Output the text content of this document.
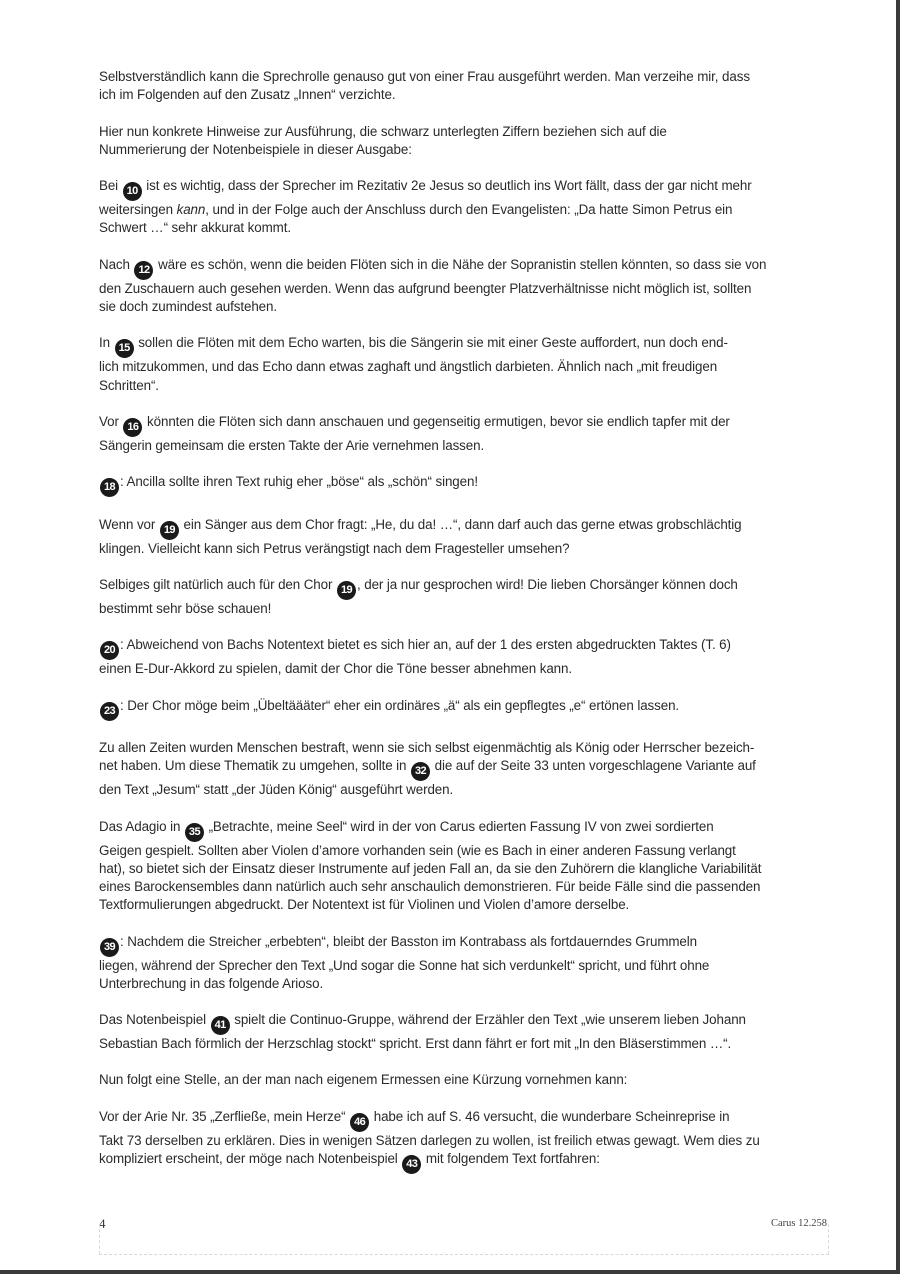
Selbstverständlich kann die Sprechrolle genauso gut von einer Frau ausgeführt werden. Man verzeihe mir, dass
ich im Folgenden auf den Zusatz „Innen“ verzichte.
Hier nun konkrete Hinweise zur Ausführung, die schwarz unterlegten Ziffern beziehen sich auf die
Nummerierung der Notenbeispiele in dieser Ausgabe:
Bei 10 ist es wichtig, dass der Sprecher im Rezitativ 2e Jesus so deutlich ins Wort fällt, dass der gar nicht mehr
weitersingen kann, und in der Folge auch der Anschluss durch den Evangelisten: „Da hatte Simon Petrus ein
Schwert …“ sehr akkurat kommt.
Nach 12 wäre es schön, wenn die beiden Flöten sich in die Nähe der Sopranistin stellen könnten, so dass sie von
den Zuschauern auch gesehen werden. Wenn das aufgrund beengter Platzverhältnisse nicht möglich ist, sollten
sie doch zumindest aufstehen.
In 15 sollen die Flöten mit dem Echo warten, bis die Sängerin sie mit einer Geste auffordert, nun doch end-
lich mitzukommen, und das Echo dann etwas zaghaft und ängstlich darbieten. Ähnlich nach „mit freudigen
Schritten“.
Vor 16 könnten die Flöten sich dann anschauen und gegenseitig ermutigen, bevor sie endlich tapfer mit der
Sängerin gemeinsam die ersten Takte der Arie vernehmen lassen.
18 : Ancilla sollte ihren Text ruhig eher „böse“ als „schön“ singen!
Wenn vor 19 ein Sänger aus dem Chor fragt: „He, du da! …“, dann darf auch das gerne etwas grobschlächtig
klingen. Vielleicht kann sich Petrus verängstigt nach dem Fragesteller umsehen?
Selbiges gilt natürlich auch für den Chor 19 , der ja nur gesprochen wird! Die lieben Chorsänger können doch
bestimmt sehr böse schauen!
20 : Abweichend von Bachs Notentext bietet es sich hier an, auf der 1 des ersten abgedruckten Taktes (T. 6)
einen E-Dur-Akkord zu spielen, damit der Chor die Töne besser abnehmen kann.
23 : Der Chor möge beim „Übeltäääter“ eher ein ordinäres „ä“ als ein gepflegtes „e“ ertönen lassen.
Zu allen Zeiten wurden Menschen bestraft, wenn sie sich selbst eigenmächtig als König oder Herrscher bezeich-
net haben. Um diese Thematik zu umgehen, sollte in 32 die auf der Seite 33 unten vorgeschlagene Variante auf
den Text „Jesum“ statt „der Jüden König“ ausgeführt werden.
Das Adagio in 35 „Betrachte, meine Seel“ wird in der von Carus edierten Fassung IV von zwei sordierten
Geigen gespielt. Sollten aber Violen d’amore vorhanden sein (wie es Bach in einer anderen Fassung verlangt
hat), so bietet sich der Einsatz dieser Instrumente auf jeden Fall an, da sie den Zuhörern die klangliche Variabilität
eines Barockensembles dann natürlich auch sehr anschaulich demonstrieren. Für beide Fälle sind die passenden
Textformulierungen abgedruckt. Der Notentext ist für Violinen und Violen d’amore derselbe.
39 : Nachdem die Streicher „erbebten“, bleibt der Basston im Kontrabass als fortdauerndes Grummeln
liegen, während der Sprecher den Text „Und sogar die Sonne hat sich verdunkelt“ spricht, und führt ohne
Unterbrechung in das folgende Arioso.
Das Notenbeispiel 41 spielt die Continuo-Gruppe, während der Erzähler den Text „wie unserem lieben Johann
Sebastian Bach förmlich der Herzschlag stockt“ spricht. Erst dann fährt er fort mit „In den Bläserstimmen …“.
Nun folgt eine Stelle, an der man nach eigenem Ermessen eine Kürzung vornehmen kann:
Vor der Arie Nr. 35 „Zerfließe, mein Herze“ 46 habe ich auf S. 46 versucht, die wunderbare Scheinreprise in
Takt 73 derselben zu erklären. Dies in wenigen Sätzen darlegen zu wollen, ist freilich etwas gewagt. Wem dies zu
kompliziert erscheint, der möge nach Notenbeispiel 43 mit folgendem Text fortfahren:
4	Carus 12.258
